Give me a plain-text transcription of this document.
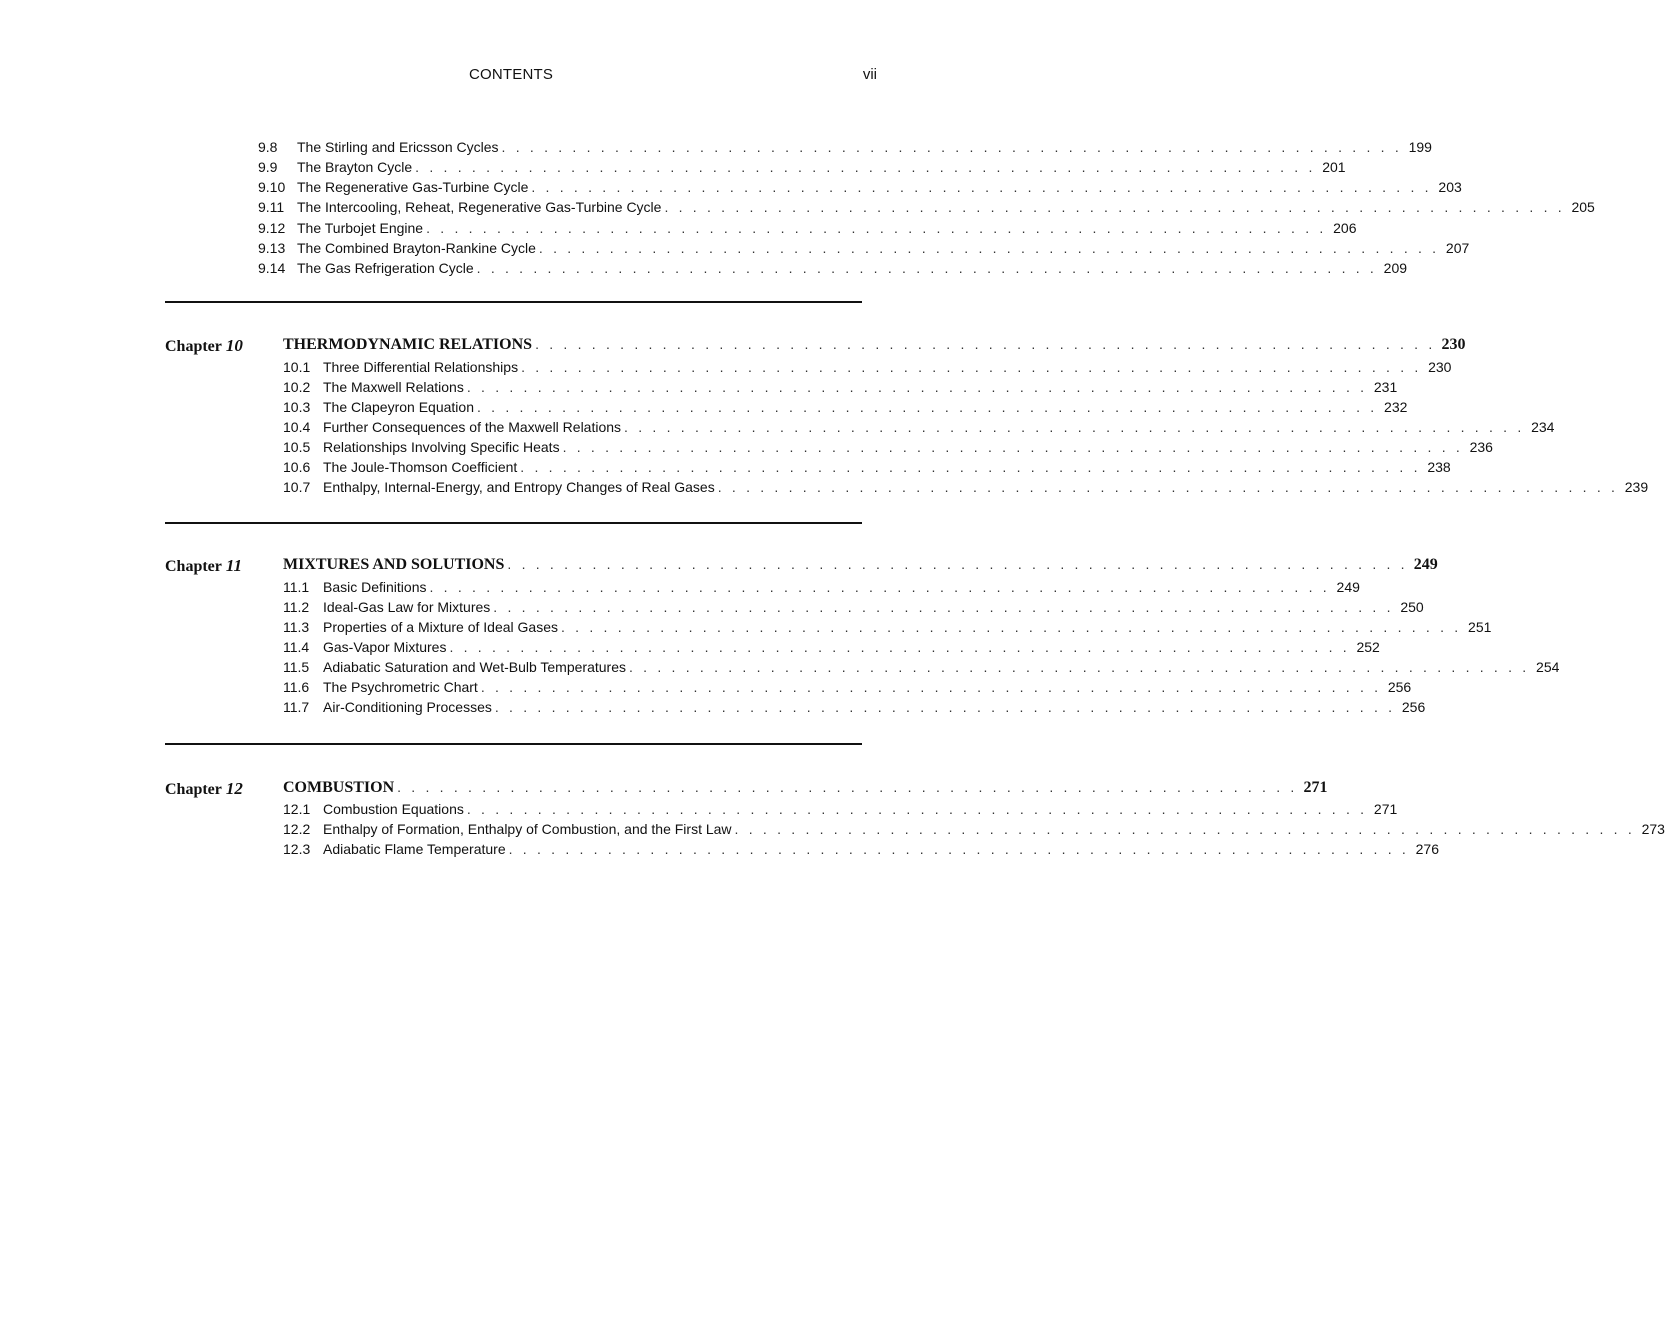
CONTENTS	vii
9.8	The Stirling and Ericsson Cycles . . . . . . . . . . . . . . . . . . . . . . . . . . . . . . . . . . . . . . . . . . . . . . . . . . . . . . . . . . . . . . . . 199
9.9	The Brayton Cycle . . . . . . . . . . . . . . . . . . . . . . . . . . . . . . . . . . . . . . . . . . . . . . . . . . . . . . . . . . . . . . . . 201
9.10 The Regenerative Gas-Turbine Cycle . . . . . . . . . . . . . . . . . . . . . . . . . . . . . . . . . . . . . . . . . . . . . . . . . . . . . . . . . . . . . . . . 203
9.11 The Intercooling, Reheat, Regenerative Gas-Turbine Cycle . . . . . . . . . . . . . . . . . . . . . . . . . . . . . . . . . . . . . . . . . . . . . . . . . . . . . . . . . . . . . . . . 205
9.12 The Turbojet Engine . . . . . . . . . . . . . . . . . . . . . . . . . . . . . . . . . . . . . . . . . . . . . . . . . . . . . . . . . . . . . . . . 206
9.13 The Combined Brayton-Rankine Cycle . . . . . . . . . . . . . . . . . . . . . . . . . . . . . . . . . . . . . . . . . . . . . . . . . . . . . . . . . . . . . . . . 207
9.14 The Gas Refrigeration Cycle . . . . . . . . . . . . . . . . . . . . . . . . . . . . . . . . . . . . . . . . . . . . . . . . . . . . . . . . . . . . . . . . 209
Chapter 10	THERMODYNAMIC RELATIONS . . . . . . . . . . . . . . . . . . . . . . . . . . . . . . . . . . . . . . . . . . . . . . . . . . . . . . . . . . . . . . . . 230
10.1 Three Differential Relationships . . . . . . . . . . . . . . . . . . . . . . . . . . . . . . . . . . . . . . . . . . . . . . . . . . . . . . . . . . . . . . . . 230
10.2 The Maxwell Relations . . . . . . . . . . . . . . . . . . . . . . . . . . . . . . . . . . . . . . . . . . . . . . . . . . . . . . . . . . . . . . . . 231
10.3 The Clapeyron Equation . . . . . . . . . . . . . . . . . . . . . . . . . . . . . . . . . . . . . . . . . . . . . . . . . . . . . . . . . . . . . . . . 232
10.4 Further Consequences of the Maxwell Relations . . . . . . . . . . . . . . . . . . . . . . . . . . . . . . . . . . . . . . . . . . . . . . . . . . . . . . . . . . . . . . . . 234
10.5 Relationships Involving Specific Heats . . . . . . . . . . . . . . . . . . . . . . . . . . . . . . . . . . . . . . . . . . . . . . . . . . . . . . . . . . . . . . . . 236
10.6 The Joule-Thomson Coefficient . . . . . . . . . . . . . . . . . . . . . . . . . . . . . . . . . . . . . . . . . . . . . . . . . . . . . . . . . . . . . . . . 238
10.7 Enthalpy, Internal-Energy, and Entropy Changes of Real Gases . . . . . . . . . . . . . . . . . . . . . . . . . . . . . . . . . . . . . . . . . . . . . . . . . . . . . . . . . . . . . . . . 239
Chapter 11	MIXTURES AND SOLUTIONS . . . . . . . . . . . . . . . . . . . . . . . . . . . . . . . . . . . . . . . . . . . . . . . . . . . . . . . . . . . . . . . . 249
11.1 Basic Definitions . . . . . . . . . . . . . . . . . . . . . . . . . . . . . . . . . . . . . . . . . . . . . . . . . . . . . . . . . . . . . . . . 249
11.2 Ideal-Gas Law for Mixtures . . . . . . . . . . . . . . . . . . . . . . . . . . . . . . . . . . . . . . . . . . . . . . . . . . . . . . . . . . . . . . . . 250
11.3 Properties of a Mixture of Ideal Gases . . . . . . . . . . . . . . . . . . . . . . . . . . . . . . . . . . . . . . . . . . . . . . . . . . . . . . . . . . . . . . . . 251
11.4 Gas-Vapor Mixtures . . . . . . . . . . . . . . . . . . . . . . . . . . . . . . . . . . . . . . . . . . . . . . . . . . . . . . . . . . . . . . . . 252
11.5 Adiabatic Saturation and Wet-Bulb Temperatures . . . . . . . . . . . . . . . . . . . . . . . . . . . . . . . . . . . . . . . . . . . . . . . . . . . . . . . . . . . . . . . . 254
11.6 The Psychrometric Chart . . . . . . . . . . . . . . . . . . . . . . . . . . . . . . . . . . . . . . . . . . . . . . . . . . . . . . . . . . . . . . . . 256
11.7 Air-Conditioning Processes . . . . . . . . . . . . . . . . . . . . . . . . . . . . . . . . . . . . . . . . . . . . . . . . . . . . . . . . . . . . . . . . 256
Chapter 12	COMBUSTION . . . . . . . . . . . . . . . . . . . . . . . . . . . . . . . . . . . . . . . . . . . . . . . . . . . . . . . . . . . . . . . . 271
12.1 Combustion Equations . . . . . . . . . . . . . . . . . . . . . . . . . . . . . . . . . . . . . . . . . . . . . . . . . . . . . . . . . . . . . . . . 271
12.2 Enthalpy of Formation, Enthalpy of Combustion, and the First Law . . . . . . . . . . . . . . . . . . . . . . . . . . . . . . . . . . . . . . . . . . . . . . . . . . . . . . . . . . . . . . . . 273
12.3 Adiabatic Flame Temperature . . . . . . . . . . . . . . . . . . . . . . . . . . . . . . . . . . . . . . . . . . . . . . . . . . . . . . . . . . . . . . . . 276
